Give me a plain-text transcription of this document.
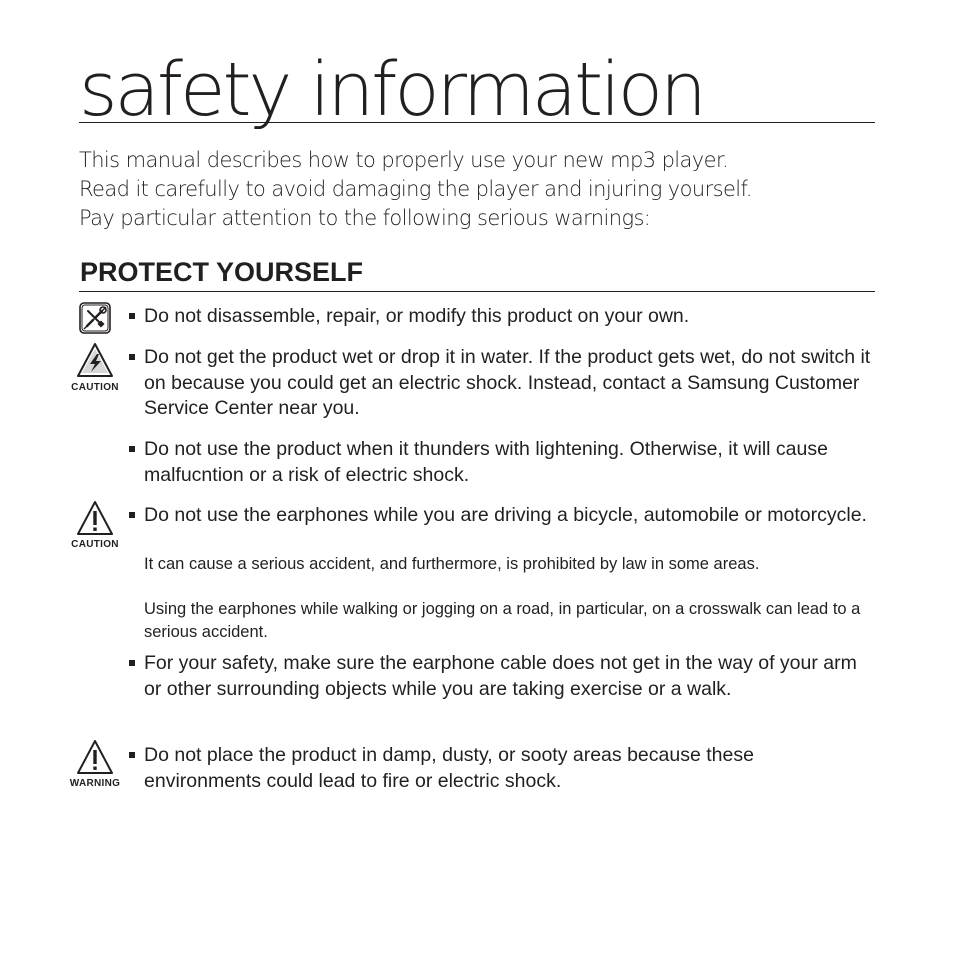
safety information
This manual describes how to properly use your new mp3 player.
Read it carefully to avoid damaging the player and injuring yourself.
Pay particular attention to the following serious warnings:
PROTECT YOURSELF
CAUTION
CAUTION
WARNING
Do not disassemble, repair, or modify this product on your own.
Do not get the product wet or drop it in water. If the product gets wet, do not switch it on because you could get an electric shock. Instead, contact a Samsung Customer Service Center near you.
Do not use the product when it thunders with lightening. Otherwise, it will cause malfucntion or a risk of electric shock.
Do not use the earphones while you are driving a bicycle, automobile or motorcycle.
It can cause a serious accident, and furthermore, is prohibited by law in some areas.
Using the earphones while walking or jogging on a road, in particular, on a crosswalk can lead to a serious accident.
For your safety, make sure the earphone cable does not get in the way of your arm or other surrounding objects while you are taking exercise or a walk.
Do not place the product in damp, dusty, or sooty areas because these environments could lead to fire or electric shock.
